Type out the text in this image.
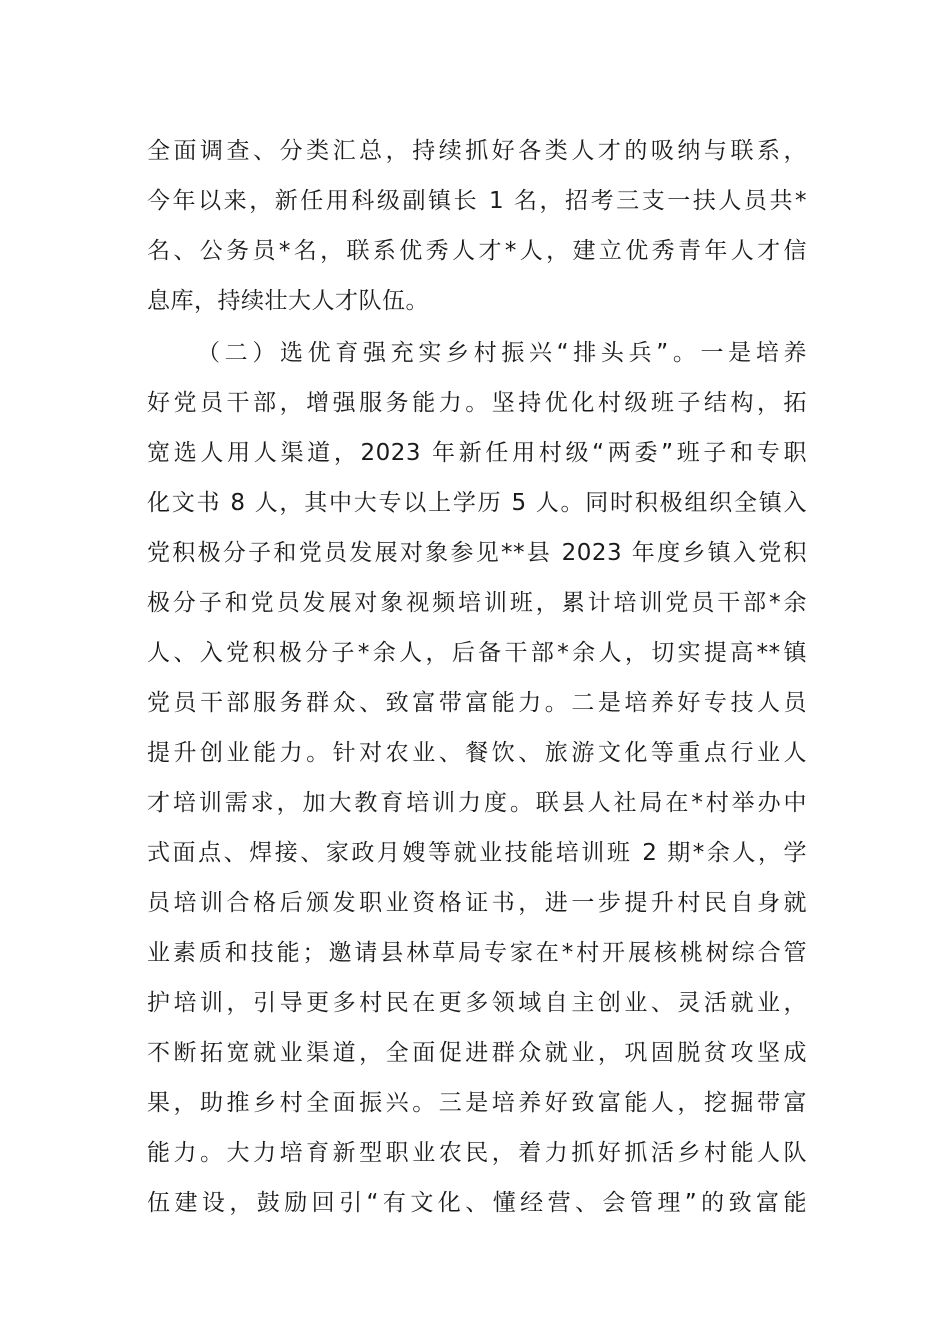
全面调查、分类汇总，持续抓好各类人才的吸纳与联系，
今年以来，新任用科级副镇长 1 名，招考三支一扶人员共*
名、公务员*名，联系优秀人才*人，建立优秀青年人才信
息库，持续壮大人才队伍。
（二）选优育强充实乡村振兴“排头兵”。一是培养
好党员干部，增强服务能力。坚持优化村级班子结构，拓
宽选人用人渠道，2023 年新任用村级“两委”班子和专职
化文书 8 人，其中大专以上学历 5 人。同时积极组织全镇入
党积极分子和党员发展对象参见**县 2023 年度乡镇入党积
极分子和党员发展对象视频培训班，累计培训党员干部*余
人、入党积极分子*余人，后备干部*余人，切实提高**镇
党员干部服务群众、致富带富能力。二是培养好专技人员
提升创业能力。针对农业、餐饮、旅游文化等重点行业人
才培训需求，加大教育培训力度。联县人社局在*村举办中
式面点、焊接、家政月嫂等就业技能培训班 2 期*余人，学
员培训合格后颁发职业资格证书，进一步提升村民自身就
业素质和技能；邀请县林草局专家在*村开展核桃树综合管
护培训，引导更多村民在更多领域自主创业、灵活就业，
不断拓宽就业渠道，全面促进群众就业，巩固脱贫攻坚成
果，助推乡村全面振兴。三是培养好致富能人，挖掘带富
能力。大力培育新型职业农民，着力抓好抓活乡村能人队
伍建设，鼓励回引“有文化、懂经营、会管理”的致富能
